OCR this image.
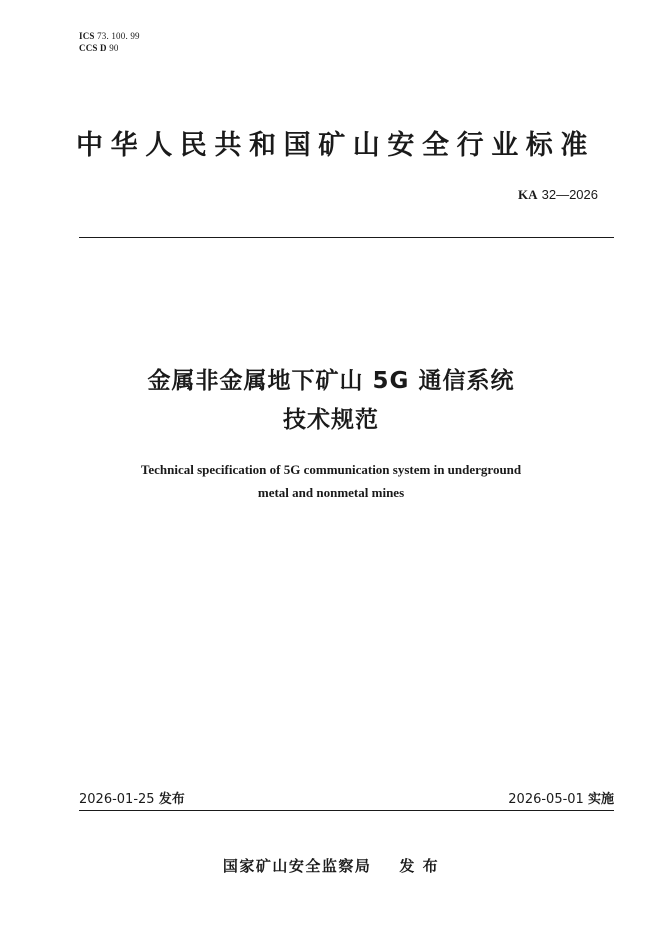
ICS 73. 100. 99
CCS D 90
中华人民共和国矿山安全行业标准
KA 32—2026
金属非金属地下矿山 5G 通信系统
技术规范
Technical specification of 5G communication system in underground
metal and nonmetal mines
2026-01-25 发布	2026-05-01 实施
国家矿山安全监察局 发 布
